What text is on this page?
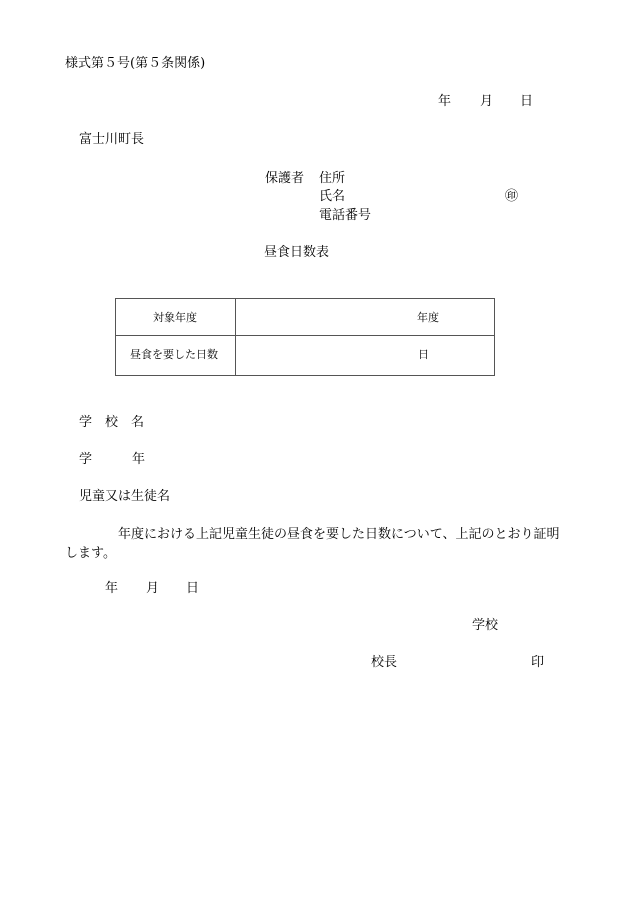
様式第５号(第５条関係)
年 月 日
富士川町長
保護者 住所
氏名	㊞
電話番号
昼食日数表
対象年度	年度
昼食を要した日数	日
学　校　名
学	年
児童又は生徒名
年度における上記児童生徒の昼食を要した日数について、上記のとおり証明します。
年 月 日
学校
校長	印
